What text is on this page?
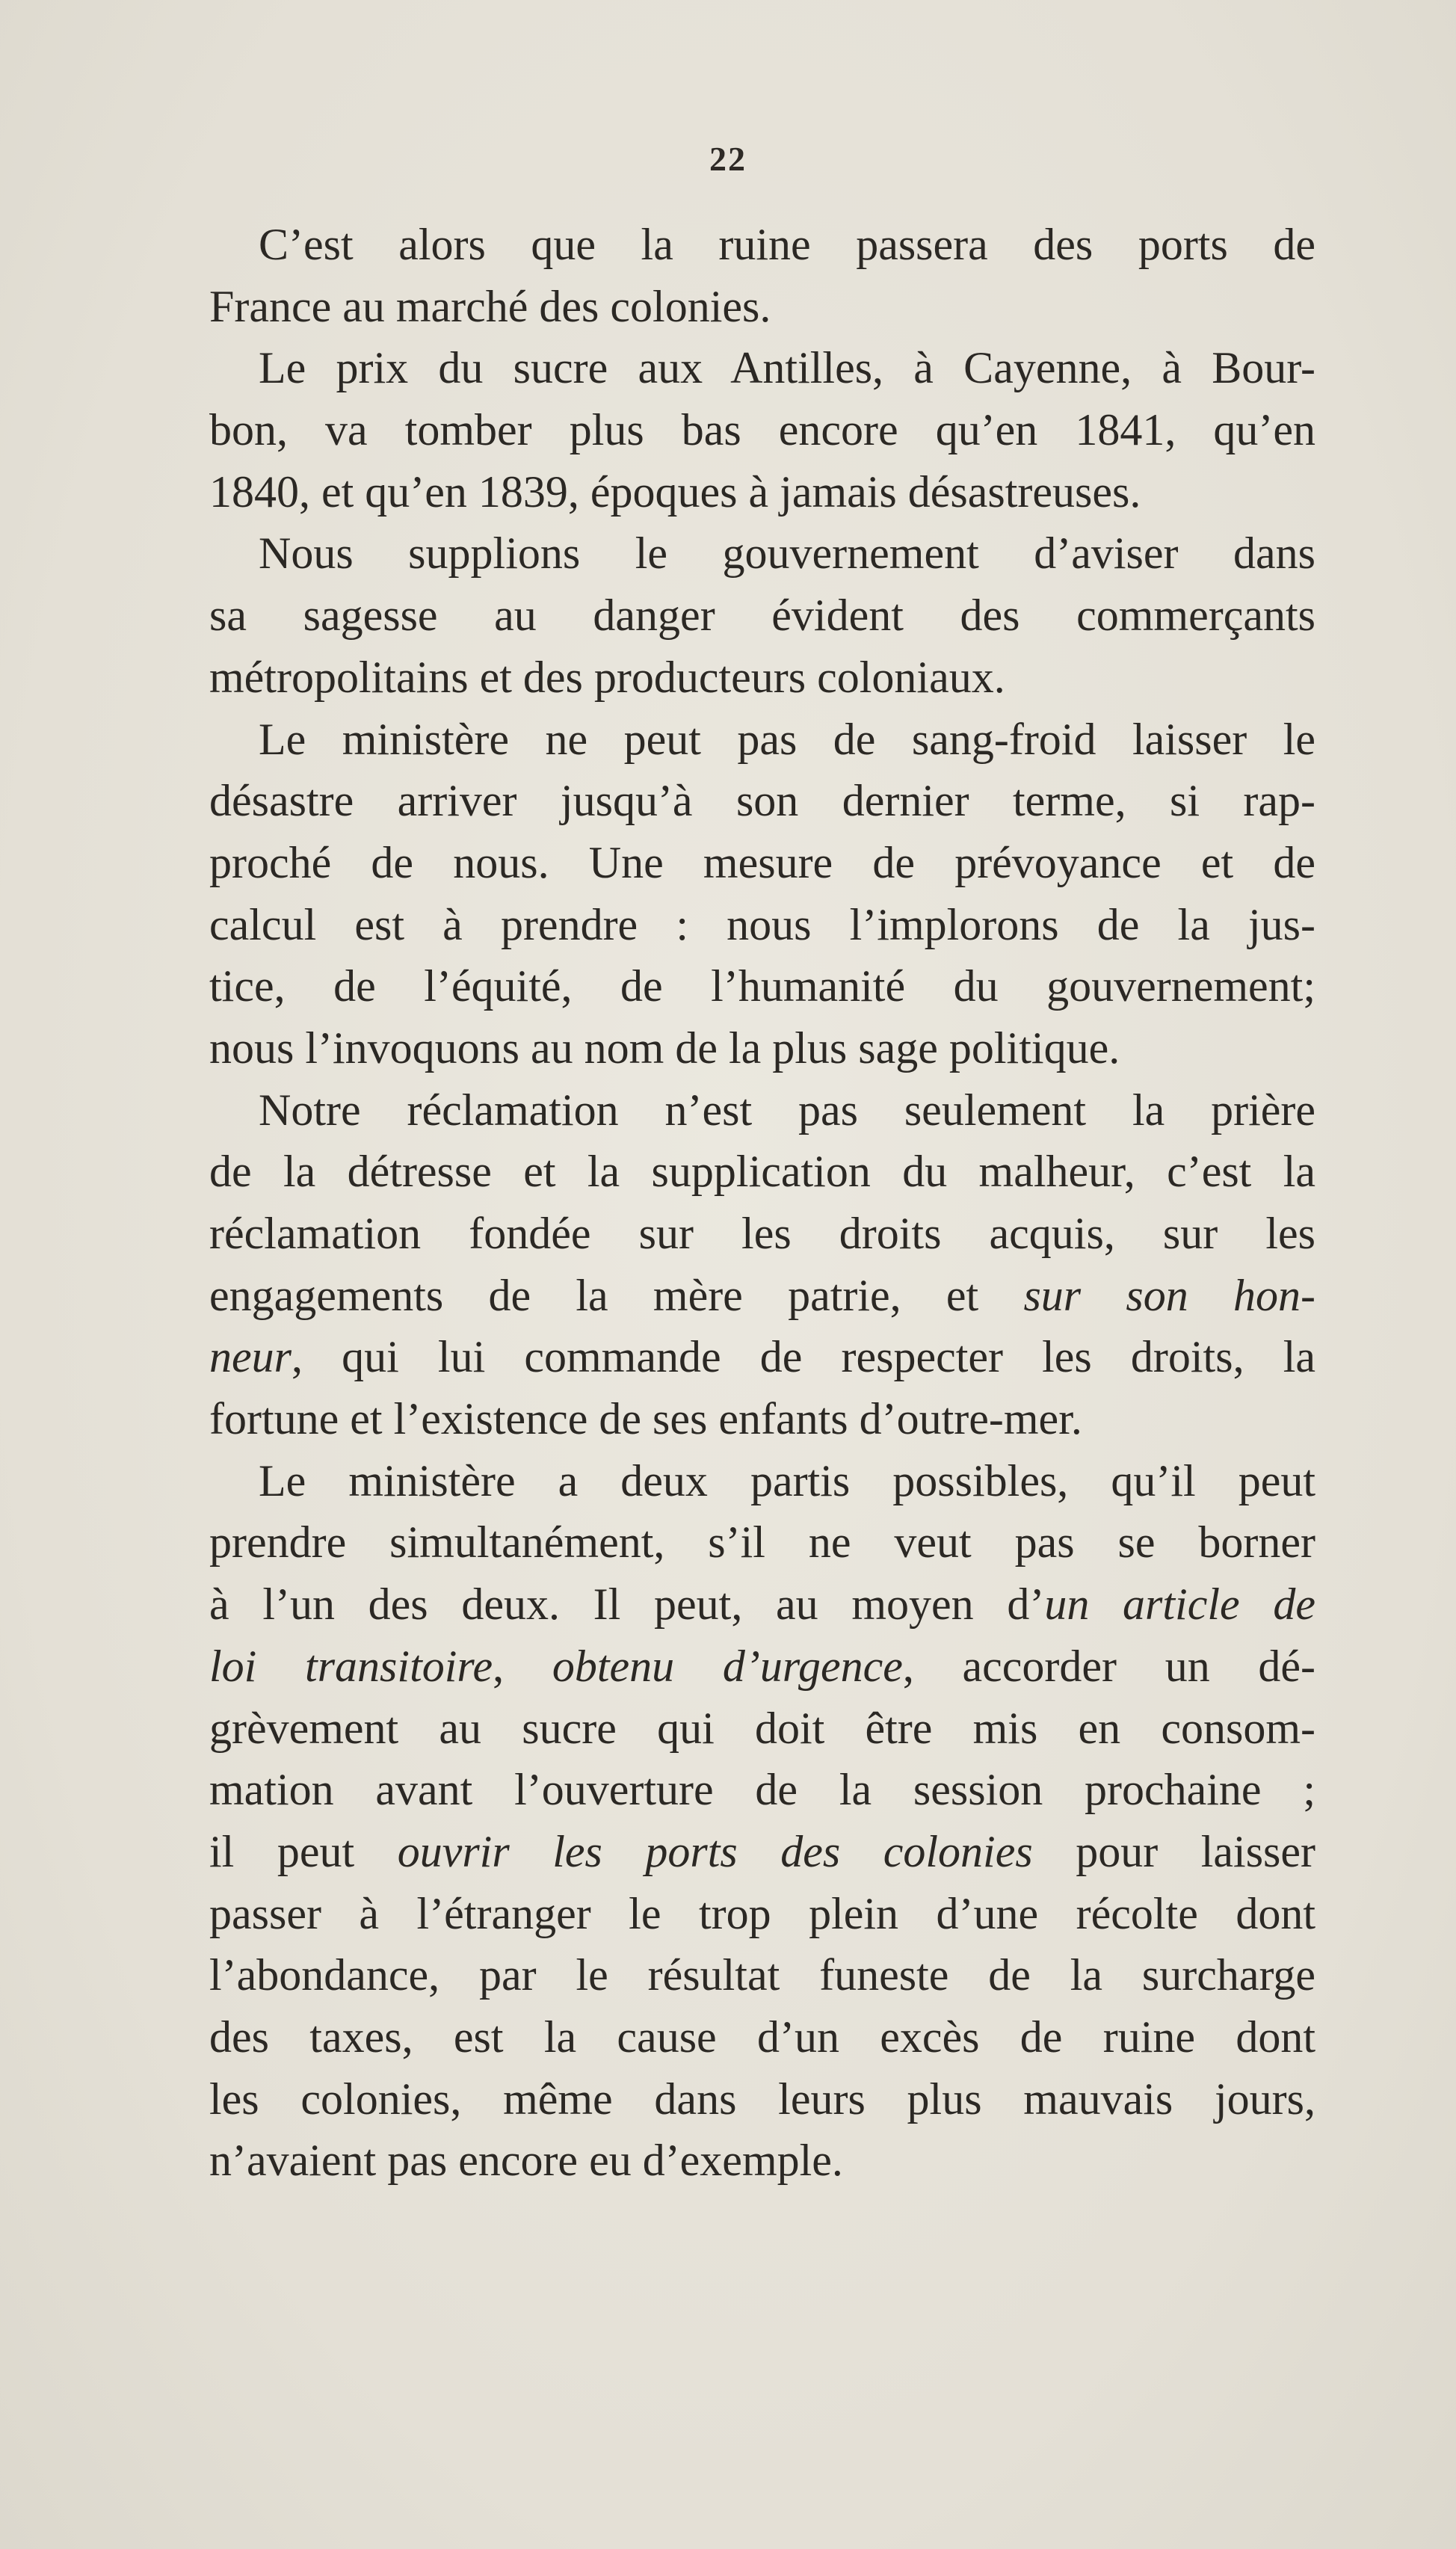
22
C’est alors que la ruine passera des ports de
France au marché des colonies.
Le prix du sucre aux Antilles, à Cayenne, à Bour-
bon, va tomber plus bas encore qu’en 1841, qu’en
1840, et qu’en 1839, époques à jamais désastreuses.
Nous supplions le gouvernement d’aviser dans
sa sagesse au danger évident des commerçants
métropolitains et des producteurs coloniaux.
Le ministère ne peut pas de sang-froid laisser le
désastre arriver jusqu’à son dernier terme, si rap-
proché de nous. Une mesure de prévoyance et de
calcul est à prendre : nous l’implorons de la jus-
tice, de l’équité, de l’humanité du gouvernement;
nous l’invoquons au nom de la plus sage politique.
Notre réclamation n’est pas seulement la prière
de la détresse et la supplication du malheur, c’est la
réclamation fondée sur les droits acquis, sur les
engagements de la mère patrie, et sur son hon-
neur, qui lui commande de respecter les droits, la
fortune et l’existence de ses enfants d’outre-mer.
Le ministère a deux partis possibles, qu’il peut
prendre simultanément, s’il ne veut pas se borner
à l’un des deux. Il peut, au moyen d’un article de
loi transitoire, obtenu d’urgence, accorder un dé-
grèvement au sucre qui doit être mis en consom-
mation avant l’ouverture de la session prochaine ;
il peut ouvrir les ports des colonies pour laisser
passer à l’étranger le trop plein d’une récolte dont
l’abondance, par le résultat funeste de la surcharge
des taxes, est la cause d’un excès de ruine dont
les colonies, même dans leurs plus mauvais jours,
n’avaient pas encore eu d’exemple.
